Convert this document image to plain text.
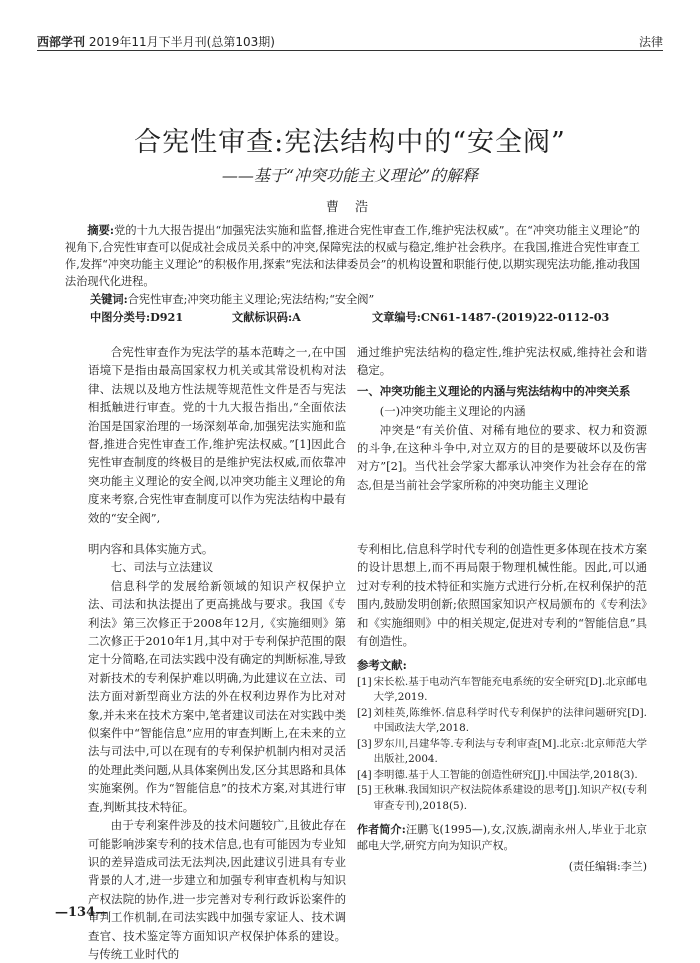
西部学刊 2019年11月下半月刊(总第103期)	法律
合宪性审查:宪法结构中的“安全阀”
——基于“冲突功能主义理论”的解释
曹 浩
摘要:党的十九大报告提出“加强宪法实施和监督,推进合宪性审查工作,维护宪法权威”。在“冲突功能主义理论”的视角下,合宪性审查可以促成社会成员关系中的冲突,保障宪法的权威与稳定,维护社会秩序。在我国,推进合宪性审查工作,发挥“冲突功能主义理论”的积极作用,探索“宪法和法律委员会”的机构设置和职能行使,以期实现宪法功能,推动我国法治现代化进程。
关键词:合宪性审查;冲突功能主义理论;宪法结构;“安全阀”
中图分类号:D921	文献标识码:A	文章编号:CN61-1487-(2019)22-0112-03

合宪性审查作为宪法学的基本范畴之一,在中国语境下是指由最高国家权力机关或其常设机构对法律、法规以及地方性法规等规范性文件是否与宪法相抵触进行审查。党的十九大报告指出,“全面依法治国是国家治理的一场深刻革命,加强宪法实施和监督,推进合宪性审查工作,维护宪法权威。”[1]因此合宪性审查制度的终极目的是维护宪法权威,而依靠冲突功能主义理论的安全阀,以冲突功能主义理论的角度来考察,合宪性审查制度可以作为宪法结构中最有效的“安全阀”,

通过维护宪法结构的稳定性,维护宪法权威,维持社会和谐稳定。

一、冲突功能主义理论的内涵与宪法结构中的冲突关系

(一)冲突功能主义理论的内涵

冲突是“有关价值、对稀有地位的要求、权力和资源的斗争,在这种斗争中,对立双方的目的是要破坏以及伤害对方”[2]。当代社会学家大都承认冲突作为社会存在的常态,但是当前社会学家所称的冲突功能主义理论

明内容和具体实施方式。

七、司法与立法建议

信息科学的发展给新领域的知识产权保护立法、司法和执法提出了更高挑战与要求。我国《专利法》第三次修正于2008年12月,《实施细则》第二次修正于2010年1月,其中对于专利保护范围的限定十分简略,在司法实践中没有确定的判断标准,导致对新技术的专利保护难以明确,为此建议在立法、司法方面对新型商业方法的外在权利边界作为比对对象,并未来在技术方案中,笔者建议司法在对实践中类似案件中“智能信息”应用的审查判断上,在未来的立法与司法中,可以在现有的专利保护机制内相对灵活的处理此类问题,从具体案例出发,区分其思路和具体实施案例。作为“智能信息”的技术方案,对其进行审查,判断其技术特征。

由于专利案件涉及的技术问题较广,且彼此存在可能影响涉案专利的技术信息,也有可能因为专业知识的差异造成司法无法判决,因此建议引进具有专业背景的人才,进一步建立和加强专利审查机构与知识产权法院的协作,进一步完善对专利行政诉讼案件的审判工作机制,在司法实践中加强专家证人、技术调查官、技术鉴定等方面知识产权保护体系的建设。与传统工业时代的

专利相比,信息科学时代专利的创造性更多体现在技术方案的设计思想上,而不再局限于物理机械性能。因此,可以通过对专利的技术特征和实施方式进行分析,在权利保护的范围内,鼓励发明创新;依照国家知识产权局颁布的《专利法》和《实施细则》中的相关规定,促进对专利的“智能信息”具有创造性。

参考文献:

[1] 宋长松.基于电动汽车智能充电系统的安全研究[D].北京邮电大学,2019.

[2] 刘桂英,陈维怀.信息科学时代专利保护的法律问题研究[D].中国政法大学,2018.

[3] 罗东川,吕建华等.专利法与专利审查[M].北京:北京师范大学出版社,2004.

[4] 李明德.基于人工智能的创造性研究[J].中国法学,2018(3).

[5] 王秋琳.我国知识产权法院体系建设的思考[J].知识产权(专利审查专刊),2018(5).

作者简介:汪鹏飞(1995—),女,汉族,湖南永州人,毕业于北京邮电大学,研究方向为知识产权。

(责任编辑:李兰)
—134—
